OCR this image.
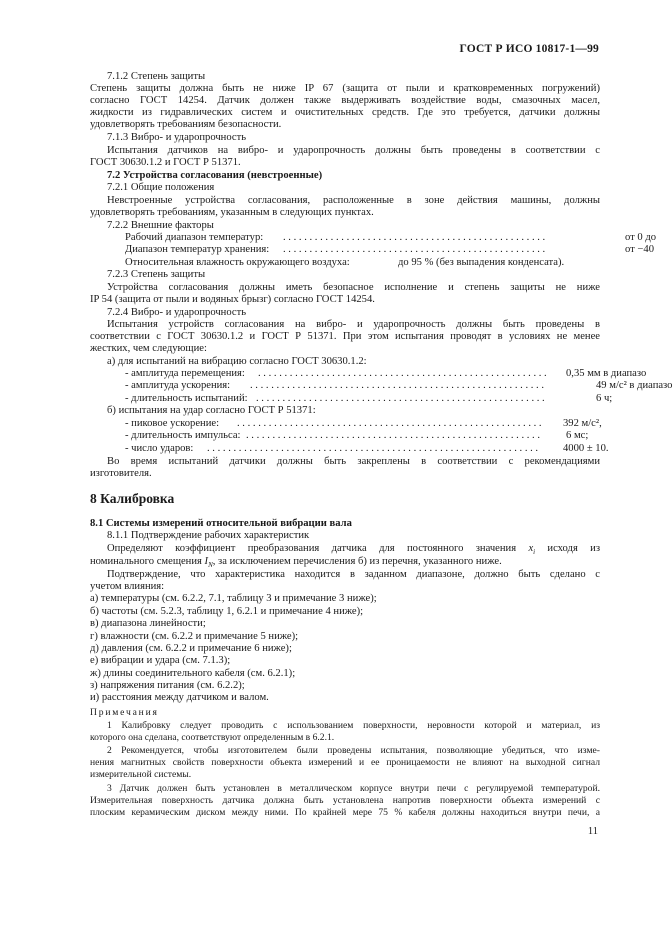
ГОСТ Р ИСО 10817-1—99
7.1.2 Степень защиты
Степень защиты должна быть не ниже IP 67 (защита от пыли и кратковременных погружений)
согласно ГОСТ 14254. Датчик должен также выдерживать воздействие воды, смазочных масел,
жидкости из гидравлических систем и очистительных средств. Где это требуется, датчики должны
удовлетворять требованиям безопасности.
7.1.3 Вибро- и ударопрочность
Испытания датчиков на вибро- и ударопрочность должны быть проведены в соответствии с
ГОСТ 30630.1.2 и ГОСТ Р 51371.
7.2 Устройства согласования (невстроенные)
7.2.1 Общие положения
Невстроенные устройства согласования, расположенные в зоне действия машины, должны
удовлетворять требованиям, указанным в следующих пунктах.
7.2.2 Внешние факторы
Рабочий диапазон температур: . . . . . . . . . . . . . . . . . . . . . . . . . . . . . . . . . . . . . . . . . . . . . . . . . .	от 0 до
Диапазон температур хранения: . . . . . . . . . . . . . . . . . . . . . . . . . . . . . . . . . . . . . . . . . . . . . . . . . .	от −40
Относительная влажность окружающего воздуха:	до 95 % (без выпадения конденсата).
7.2.3 Степень защиты
Устройства согласования должны иметь безопасное исполнение и степень защиты не ниже
IP 54 (защита от пыли и водяных брызг) согласно ГОСТ 14254.
7.2.4 Вибро- и ударопрочность
Испытания устройств согласования на вибро- и ударопрочность должны быть проведены в
соответствии с ГОСТ 30630.1.2 и ГОСТ Р 51371. При этом испытания проводят в условиях не менее
жестких, чем следующие:
а) для испытаний на вибрацию согласно ГОСТ 30630.1.2:
- амплитуда перемещения: . . . . . . . . . . . . . . . . . . . . . . . . . . . . . . . . . . . . . . . . . . . . . . . . . . . . . . .	0,35 мм в диапазо
- амплитуда ускорения: . . . . . . . . . . . . . . . . . . . . . . . . . . . . . . . . . . . . . . . . . . . . . . . . . . . . . . . .	49 м/с² в диапазо
- длительность испытаний: . . . . . . . . . . . . . . . . . . . . . . . . . . . . . . . . . . . . . . . . . . . . . . . . . . . . . . .	6 ч;
б) испытания на удар согласно ГОСТ Р 51371:
- пиковое ускорение: . . . . . . . . . . . . . . . . . . . . . . . . . . . . . . . . . . . . . . . . . . . . . . . . . . . . . . . . . .	392 м/с²,
- длительность импульса: . . . . . . . . . . . . . . . . . . . . . . . . . . . . . . . . . . . . . . . . . . . . . . . . . . . . . . . .	6 мс;
- число ударов: . . . . . . . . . . . . . . . . . . . . . . . . . . . . . . . . . . . . . . . . . . . . . . . . . . . . . . . . . . . . . . .	4000 ± 10.
Во время испытаний датчики должны быть закреплены в соответствии с рекомендациями
изготовителя.
8 Калибровка
8.1 Системы измерений относительной вибрации вала
8.1.1 Подтверждение рабочих характеристик
Определяют коэффициент преобразования датчика для постоянного значения $x_i$ исходя из
номинального смещения $I_N$, за исключением перечисления б) из перечня, указанного ниже.
Подтверждение, что характеристика находится в заданном диапазоне, должно быть сделано с
учетом влияния:
а) температуры (см. 6.2.2, 7.1, таблицу 3 и примечание 3 ниже);
б) частоты (см. 5.2.3, таблицу 1, 6.2.1 и примечание 4 ниже);
в) диапазона линейности;
г) влажности (см. 6.2.2 и примечание 5 ниже);
д) давления (см. 6.2.2 и примечание 6 ниже);
е) вибрации и удара (см. 7.1.3);
ж) длины соединительного кабеля (см. 6.2.1);
з) напряжения питания (см. 6.2.2);
и) расстояния между датчиком и валом.
Примечания
1 Калибровку следует проводить с использованием поверхности, неровности которой и материал, из
которого она сделана, соответствуют определенным в 6.2.1.
2 Рекомендуется, чтобы изготовителем были проведены испытания, позволяющие убедиться, что изме-
нения магнитных свойств поверхности объекта измерений и ее проницаемости не влияют на выходной сигнал
измерительной системы.
3 Датчик должен быть установлен в металлическом корпусе внутри печи с регулируемой температурой.
Измерительная поверхность датчика должна быть установлена напротив поверхности объекта измерений с
плоским керамическим диском между ними. По крайней мере 75 % кабеля должны находиться внутри печи, а
11
